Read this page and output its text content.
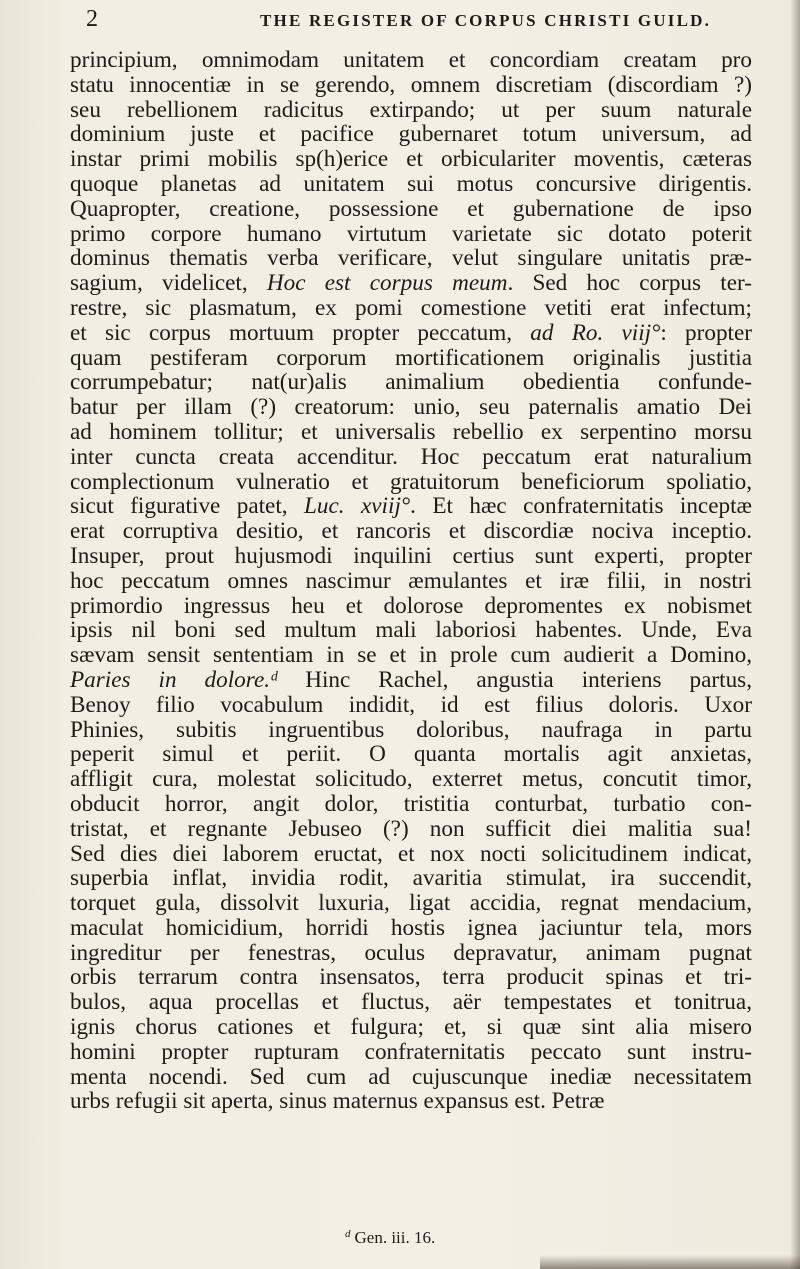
2	THE REGISTER OF CORPUS CHRISTI GUILD.
principium, omnimodam unitatem et concordiam creatam pro
statu innocentiæ in se gerendo, omnem discretiam (discordiam ?)
seu rebellionem radicitus extirpando; ut per suum naturale
dominium juste et pacifice gubernaret totum universum, ad
instar primi mobilis sp(h)erice et orbiculariter moventis, cæteras
quoque planetas ad unitatem sui motus concursive dirigentis.
Quapropter, creatione, possessione et gubernatione de ipso
primo corpore humano virtutum varietate sic dotato poterit
dominus thematis verba verificare, velut singulare unitatis præ-
sagium, videlicet, Hoc est corpus meum. Sed hoc corpus ter-
restre, sic plasmatum, ex pomi comestione vetiti erat infectum;
et sic corpus mortuum propter peccatum, ad Ro. viij°: propter
quam pestiferam corporum mortificationem originalis justitia
corrumpebatur; nat(ur)alis animalium obedientia confunde-
batur per illam (?) creatorum: unio, seu paternalis amatio Dei
ad hominem tollitur; et universalis rebellio ex serpentino morsu
inter cuncta creata accenditur. Hoc peccatum erat naturalium
complectionum vulneratio et gratuitorum beneficiorum spoliatio,
sicut figurative patet, Luc. xviij°. Et hæc confraternitatis inceptæ
erat corruptiva desitio, et rancoris et discordiæ nociva inceptio.
Insuper, prout hujusmodi inquilini certius sunt experti, propter
hoc peccatum omnes nascimur æmulantes et iræ filii, in nostri
primordio ingressus heu et dolorose depromentes ex nobismet
ipsis nil boni sed multum mali laboriosi habentes. Unde, Eva
sævam sensit sententiam in se et in prole cum audierit a Domino,
Paries in dolore.ᵈ Hinc Rachel, angustia interiens partus,
Benoy filio vocabulum indidit, id est filius doloris. Uxor
Phinies, subitis ingruentibus doloribus, naufraga in partu
peperit simul et periit. O quanta mortalis agit anxietas,
affligit cura, molestat solicitudo, exterret metus, concutit timor,
obducit horror, angit dolor, tristitia conturbat, turbatio con-
tristat, et regnante Jebuseo (?) non sufficit diei malitia sua!
Sed dies diei laborem eructat, et nox nocti solicitudinem indicat,
superbia inflat, invidia rodit, avaritia stimulat, ira succendit,
torquet gula, dissolvit luxuria, ligat accidia, regnat mendacium,
maculat homicidium, horridi hostis ignea jaciuntur tela, mors
ingreditur per fenestras, oculus depravatur, animam pugnat
orbis terrarum contra insensatos, terra producit spinas et tri-
bulos, aqua procellas et fluctus, aër tempestates et tonitrua,
ignis chorus cationes et fulgura; et, si quæ sint alia misero
homini propter rupturam confraternitatis peccato sunt instru-
menta nocendi. Sed cum ad cujuscunque inediæ necessitatem
urbs refugii sit aperta, sinus maternus expansus est. Petræ
$^d$ Gen. iii. 16.
